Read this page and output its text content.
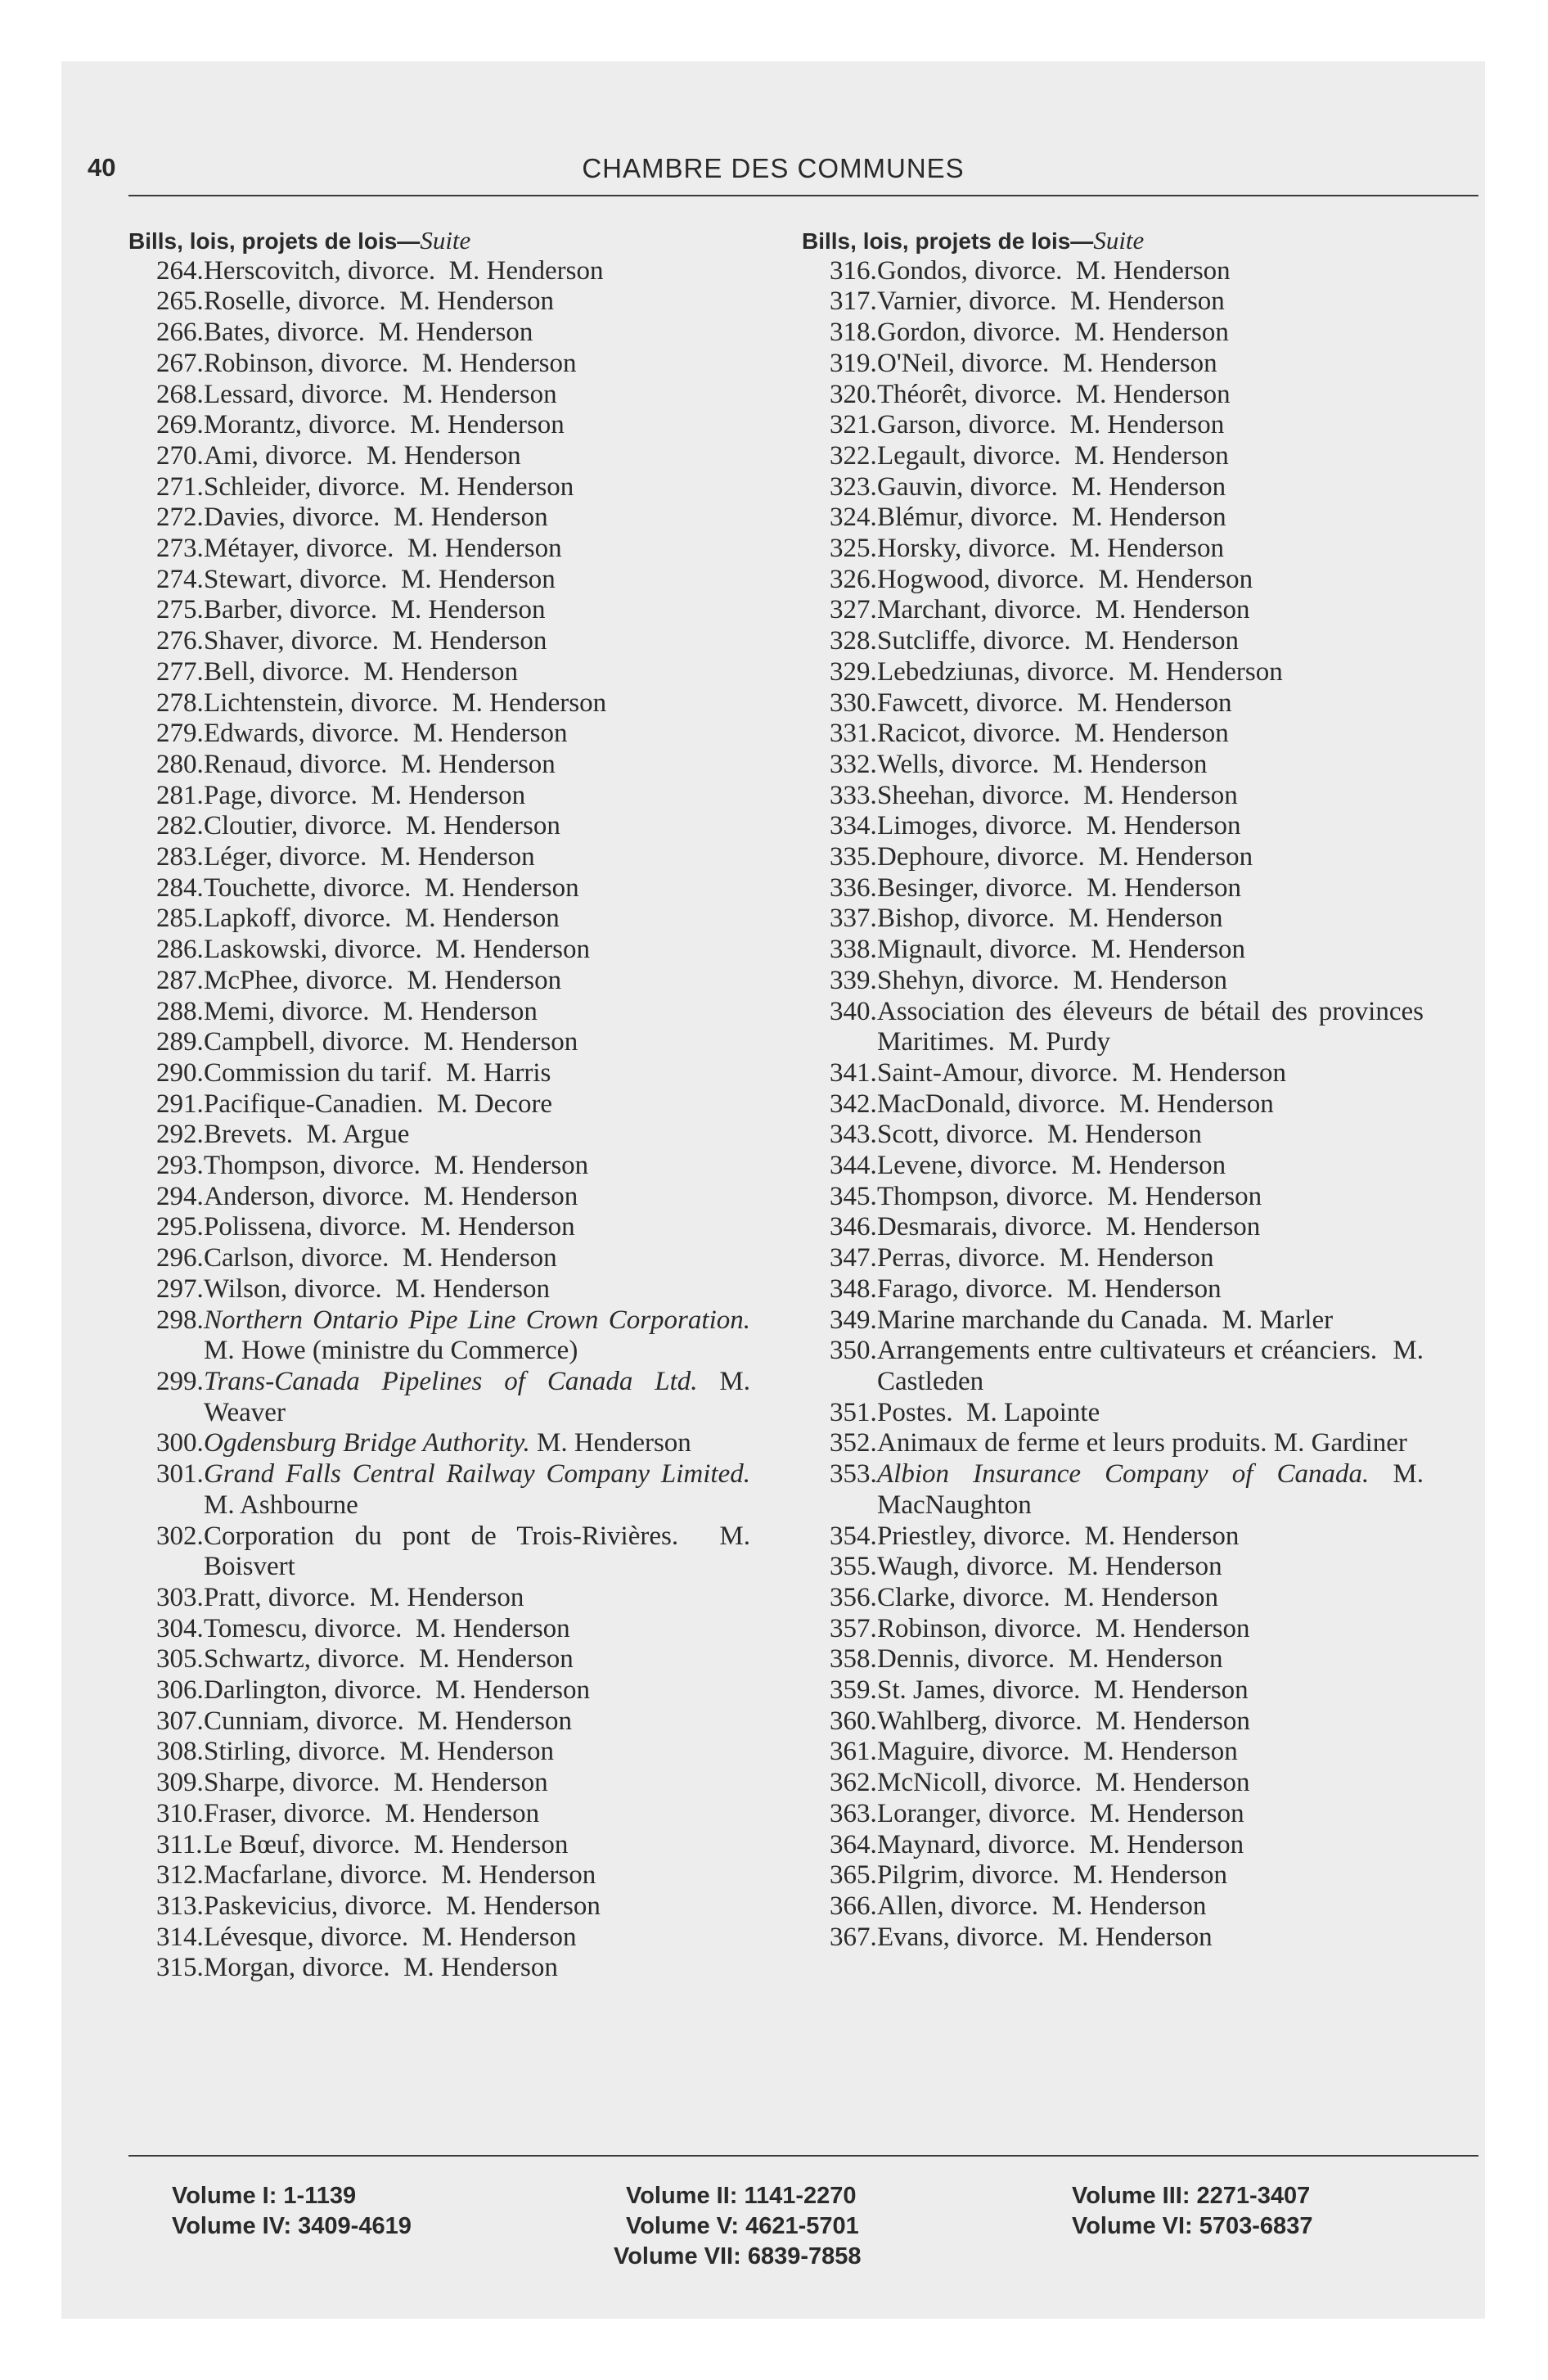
40	CHAMBRE DES COMMUNES
Bills, lois, projets de lois—Suite
264. Herscovitch, divorce.  M. Henderson
265. Roselle, divorce.  M. Henderson
266. Bates, divorce.  M. Henderson
267. Robinson, divorce.  M. Henderson
268. Lessard, divorce.  M. Henderson
269. Morantz, divorce.  M. Henderson
270. Ami, divorce.  M. Henderson
271. Schleider, divorce.  M. Henderson
272. Davies, divorce.  M. Henderson
273. Métayer, divorce.  M. Henderson
274. Stewart, divorce.  M. Henderson
275. Barber, divorce.  M. Henderson
276. Shaver, divorce.  M. Henderson
277. Bell, divorce.  M. Henderson
278. Lichtenstein, divorce.  M. Henderson
279. Edwards, divorce.  M. Henderson
280. Renaud, divorce.  M. Henderson
281. Page, divorce.  M. Henderson
282. Cloutier, divorce.  M. Henderson
283. Léger, divorce.  M. Henderson
284. Touchette, divorce.  M. Henderson
285. Lapkoff, divorce.  M. Henderson
286. Laskowski, divorce.  M. Henderson
287. McPhee, divorce.  M. Henderson
288. Memi, divorce.  M. Henderson
289. Campbell, divorce.  M. Henderson
290. Commission du tarif.  M. Harris
291. Pacifique-Canadien.  M. Decore
292. Brevets.  M. Argue
293. Thompson, divorce.  M. Henderson
294. Anderson, divorce.  M. Henderson
295. Polissena, divorce.  M. Henderson
296. Carlson, divorce.  M. Henderson
297. Wilson, divorce.  M. Henderson
298. Northern Ontario Pipe Line Crown Corporation. M. Howe (ministre du Commerce)
299. Trans-Canada Pipelines of Canada Ltd. M. Weaver
300. Ogdensburg Bridge Authority. M. Henderson
301. Grand Falls Central Railway Company Limited. M. Ashbourne
302. Corporation du pont de Trois-Rivières.  M. Boisvert
303. Pratt, divorce.  M. Henderson
304. Tomescu, divorce.  M. Henderson
305. Schwartz, divorce.  M. Henderson
306. Darlington, divorce.  M. Henderson
307. Cunniam, divorce.  M. Henderson
308. Stirling, divorce.  M. Henderson
309. Sharpe, divorce.  M. Henderson
310. Fraser, divorce.  M. Henderson
311. Le Bœuf, divorce.  M. Henderson
312. Macfarlane, divorce.  M. Henderson
313. Paskevicius, divorce.  M. Henderson
314. Lévesque, divorce.  M. Henderson
315. Morgan, divorce.  M. Henderson
Bills, lois, projets de lois—Suite
316. Gondos, divorce.  M. Henderson
317. Varnier, divorce.  M. Henderson
318. Gordon, divorce.  M. Henderson
319. O'Neil, divorce.  M. Henderson
320. Théorêt, divorce.  M. Henderson
321. Garson, divorce.  M. Henderson
322. Legault, divorce.  M. Henderson
323. Gauvin, divorce.  M. Henderson
324. Blémur, divorce.  M. Henderson
325. Horsky, divorce.  M. Henderson
326. Hogwood, divorce.  M. Henderson
327. Marchant, divorce.  M. Henderson
328. Sutcliffe, divorce.  M. Henderson
329. Lebedziunas, divorce.  M. Henderson
330. Fawcett, divorce.  M. Henderson
331. Racicot, divorce.  M. Henderson
332. Wells, divorce.  M. Henderson
333. Sheehan, divorce.  M. Henderson
334. Limoges, divorce.  M. Henderson
335. Dephoure, divorce.  M. Henderson
336. Besinger, divorce.  M. Henderson
337. Bishop, divorce.  M. Henderson
338. Mignault, divorce.  M. Henderson
339. Shehyn, divorce.  M. Henderson
340. Association des éleveurs de bétail des provinces Maritimes.  M. Purdy
341. Saint-Amour, divorce.  M. Henderson
342. MacDonald, divorce.  M. Henderson
343. Scott, divorce.  M. Henderson
344. Levene, divorce.  M. Henderson
345. Thompson, divorce.  M. Henderson
346. Desmarais, divorce.  M. Henderson
347. Perras, divorce.  M. Henderson
348. Farago, divorce.  M. Henderson
349. Marine marchande du Canada.  M. Marler
350. Arrangements entre cultivateurs et créanciers.  M. Castleden
351. Postes.  M. Lapointe
352. Animaux de ferme et leurs produits. M. Gardiner
353. Albion Insurance Company of Canada. M. MacNaughton
354. Priestley, divorce.  M. Henderson
355. Waugh, divorce.  M. Henderson
356. Clarke, divorce.  M. Henderson
357. Robinson, divorce.  M. Henderson
358. Dennis, divorce.  M. Henderson
359. St. James, divorce.  M. Henderson
360. Wahlberg, divorce.  M. Henderson
361. Maguire, divorce.  M. Henderson
362. McNicoll, divorce.  M. Henderson
363. Loranger, divorce.  M. Henderson
364. Maynard, divorce.  M. Henderson
365. Pilgrim, divorce.  M. Henderson
366. Allen, divorce.  M. Henderson
367. Evans, divorce.  M. Henderson
Volume I: 1-1139
Volume IV: 3409-4619
Volume II: 1141-2270
Volume V: 4621-5701
Volume VII: 6839-7858
Volume III: 2271-3407
Volume VI: 5703-6837
